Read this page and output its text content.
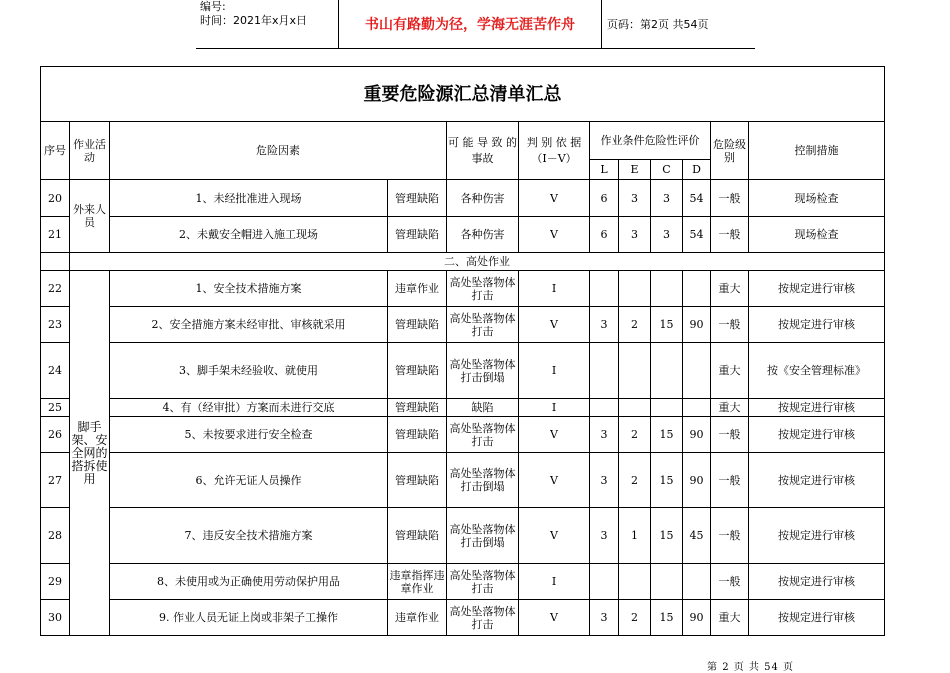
编号:
时间：2021年x月x日	书山有路勤为径，学海无涯苦作舟	页码：第2页 共54页
重要危险源汇总清单汇总											
序号	作业活动	危险因素		可 能 导 致 的事故	判 别 依 据 （I－V）	作业条件危险性评价				危险级别	控制措施
						L	E	C	D		
20	外来人员	1、未经批准进入现场	管理缺陷	各种伤害	V	6	3	3	54	一般	现场检查
21		2、未戴安全帽进入施工现场	管理缺陷	各种伤害	V	6	3	3	54	一般	现场检查
	二、高处作业										
22	脚手架、安全网的搭拆使用	1、安全技术措施方案	违章作业	高处坠落物体打击	I					重大	按规定进行审核
23		2、安全措施方案未经审批、审核就采用	管理缺陷	高处坠落物体打击	V	3	2	15	90	一般	按规定进行审核
24		3、脚手架未经验收、就使用	管理缺陷	高处坠落物体打击倒塌	I					重大	按《安全管理标准》
25		4、有（经审批）方案而未进行交底	管理缺陷	缺陷	I					重大	按规定进行审核
26		5、未按要求进行安全检查	管理缺陷	高处坠落物体打击	V	3	2	15	90	一般	按规定进行审核
27		6、允许无证人员操作	管理缺陷	高处坠落物体打击倒塌	V	3	2	15	90	一般	按规定进行审核
28		7、违反安全技术措施方案	管理缺陷	高处坠落物体打击倒塌	V	3	1	15	45	一般	按规定进行审核
29		8、未使用或为正确使用劳动保护用品	违章指挥违章作业	高处坠落物体打击	I					一般	按规定进行审核
30		9. 作业人员无证上岗或非架子工操作	违章作业	高处坠落物体打击	V	3	2	15	90	重大	按规定进行审核
第 2 页 共 54 页
